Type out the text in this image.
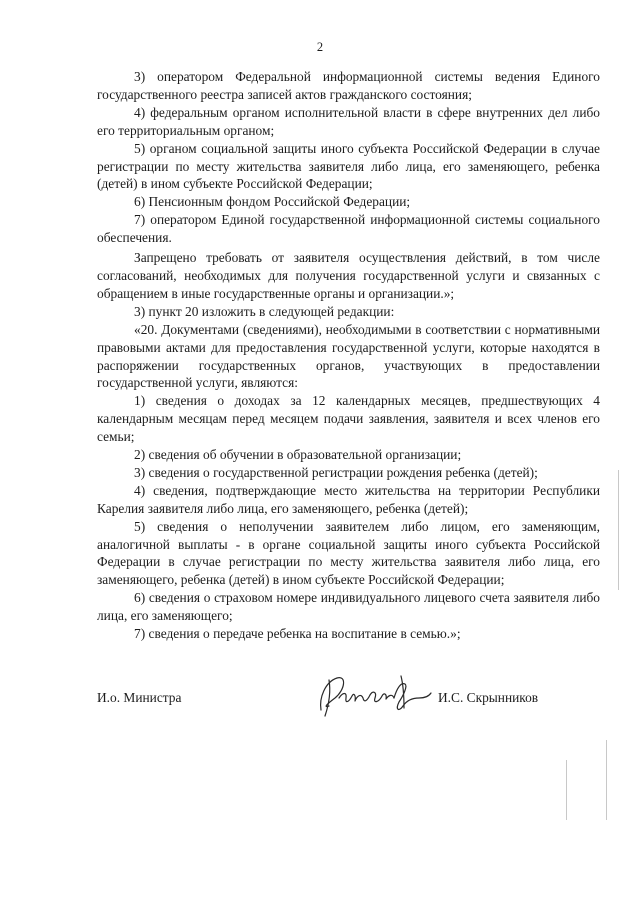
2

3) оператором Федеральной информационной системы ведения Единого государственного реестра записей актов гражданского состояния;

4) федеральным органом исполнительной власти в сфере внутренних дел либо его территориальным органом;

5) органом социальной защиты иного субъекта Российской Федерации в случае регистрации по месту жительства заявителя либо лица, его заменяющего, ребенка (детей) в ином субъекте Российской Федерации;

6) Пенсионным фондом Российской Федерации;

7) оператором Единой государственной информационной системы социального обеспечения.

Запрещено требовать от заявителя осуществления действий, в том числе согласований, необходимых для получения государственной услуги и связанных с обращением в иные государственные органы и организации.»;

3) пункт 20 изложить в следующей редакции:

«20. Документами (сведениями), необходимыми в соответствии с нормативными правовыми актами для предоставления государственной услуги, которые находятся в распоряжении государственных органов, участвующих в предоставлении государственной услуги, являются:

1) сведения о доходах за 12 календарных месяцев, предшествующих 4 календарным месяцам перед месяцем подачи заявления, заявителя и всех членов его семьи;

2) сведения об обучении в образовательной организации;

3) сведения о государственной регистрации рождения ребенка (детей);

4) сведения, подтверждающие место жительства на территории Республики Карелия заявителя либо лица, его заменяющего, ребенка (детей);

5) сведения о неполучении заявителем либо лицом, его заменяющим, аналогичной выплаты - в органе социальной защиты иного субъекта Российской Федерации в случае регистрации по месту жительства заявителя либо лица, его заменяющего, ребенка (детей) в ином субъекте Российской Федерации;

6) сведения о страховом номере индивидуального лицевого счета заявителя либо лица, его заменяющего;

7) сведения о передаче ребенка на воспитание в семью.»;

И.о. Министра	И.С. Скрынников
